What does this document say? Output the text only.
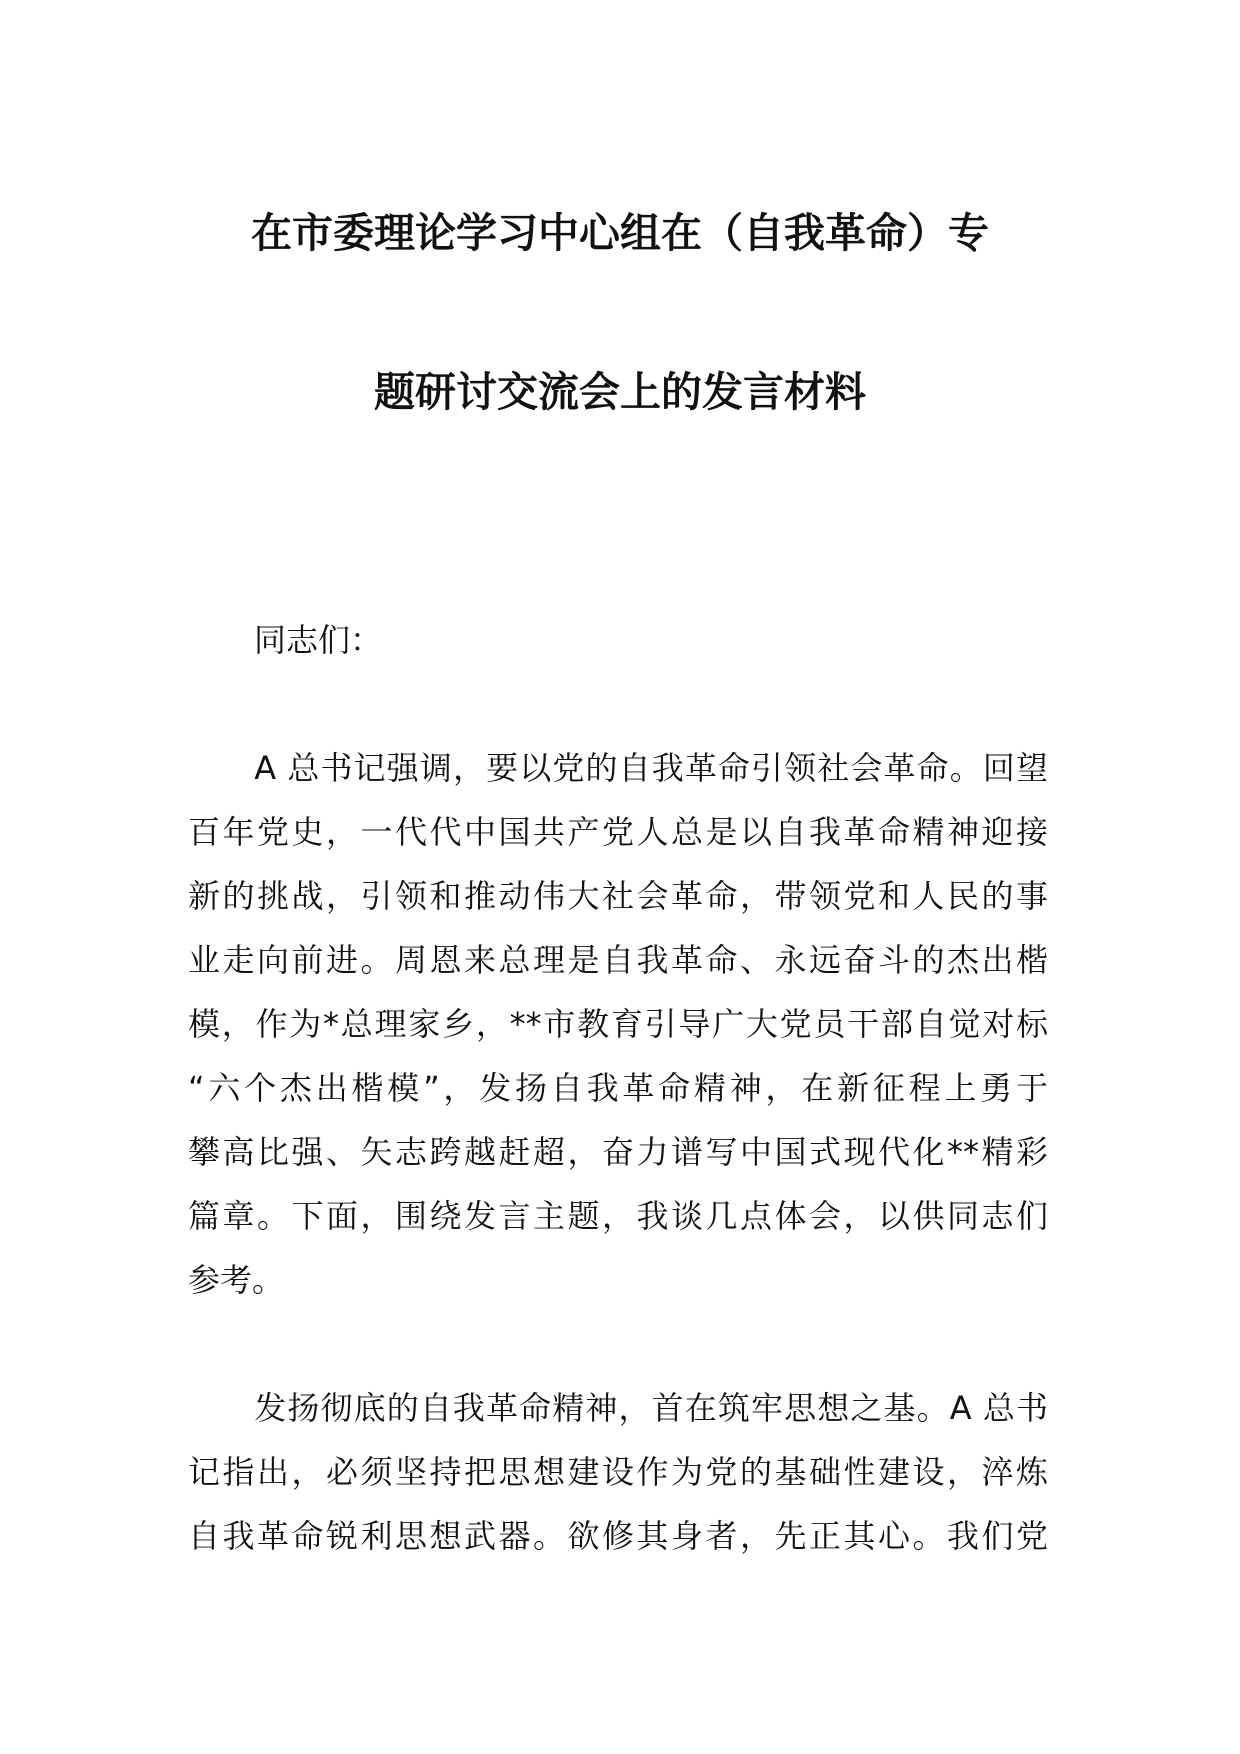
在市委理论学习中心组在（自我革命）专
题研讨交流会上的发言材料
同志们：
　　A 总书记强调，要以党的自我革命引领社会革命。回望
百年党史，一代代中国共产党人总是以自我革命精神迎接
新的挑战，引领和推动伟大社会革命，带领党和人民的事
业走向前进。周恩来总理是自我革命、永远奋斗的杰出楷
模，作为*总理家乡，**市教育引导广大党员干部自觉对标
“六个杰出楷模”，发扬自我革命精神，在新征程上勇于
攀高比强、矢志跨越赶超，奋力谱写中国式现代化**精彩
篇章。下面，围绕发言主题，我谈几点体会，以供同志们
参考。
　　发扬彻底的自我革命精神，首在筑牢思想之基。A 总书
记指出，必须坚持把思想建设作为党的基础性建设，淬炼
自我革命锐利思想武器。欲修其身者，先正其心。我们党
